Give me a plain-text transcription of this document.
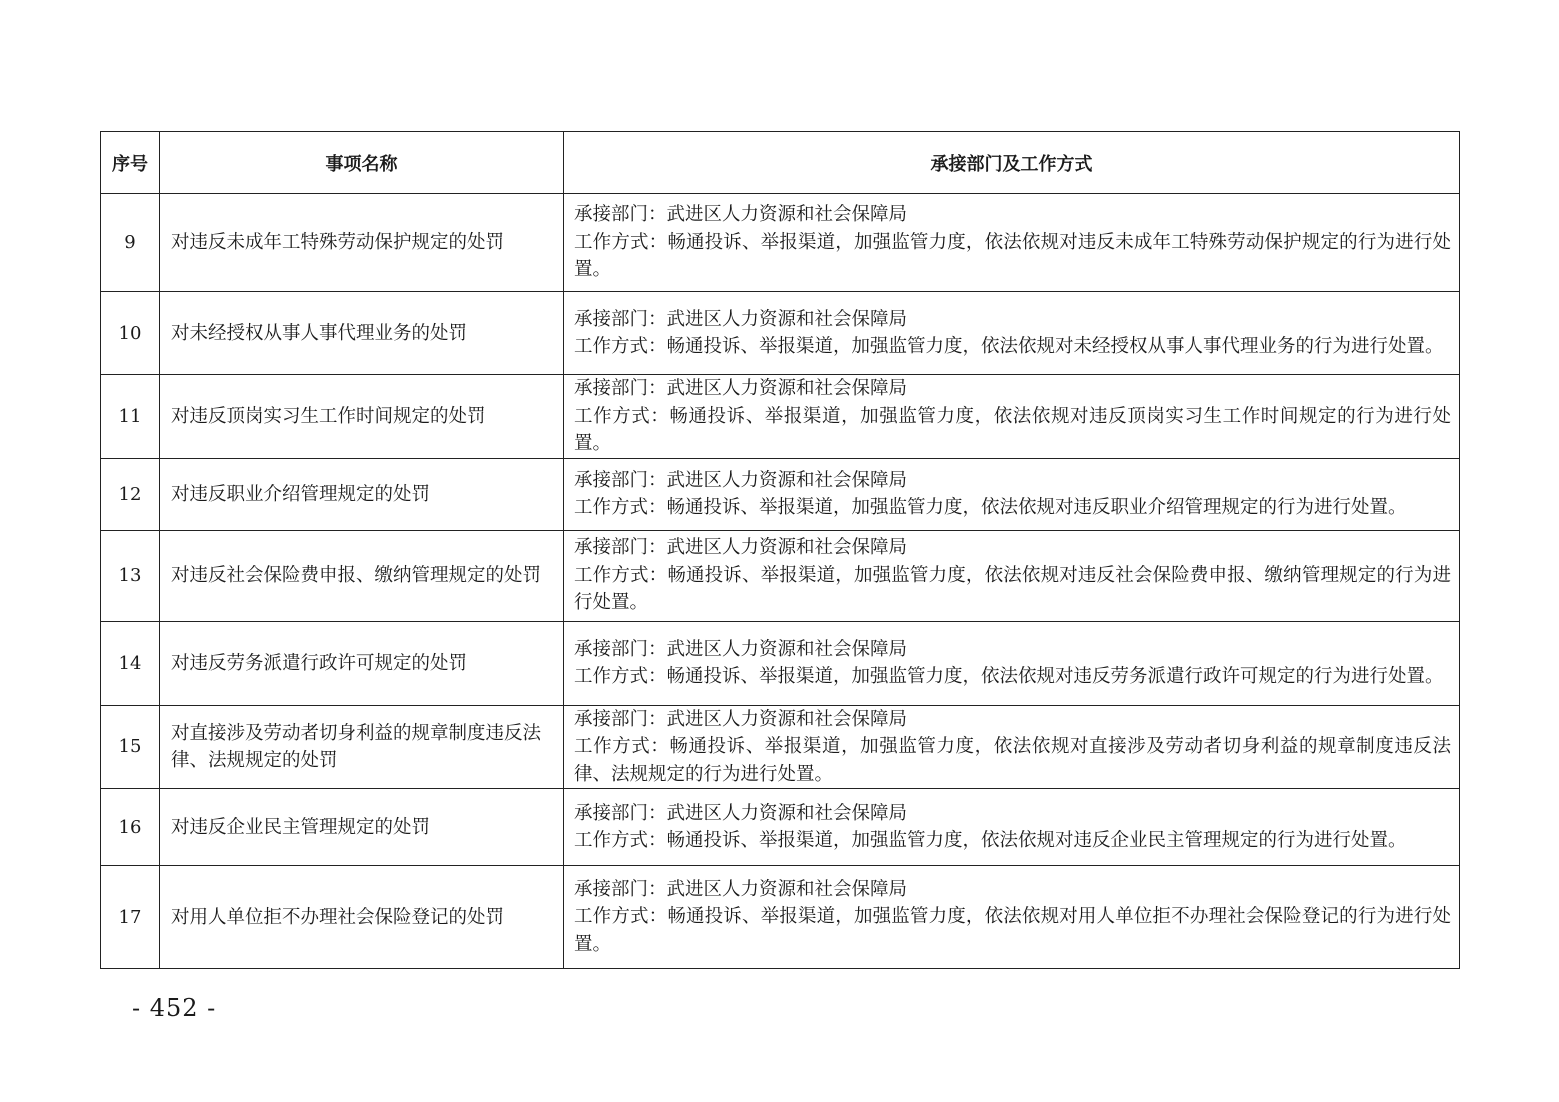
序号	事项名称	承接部门及工作方式
9	对违反未成年工特殊劳动保护规定的处罚	承接部门：武进区人力资源和社会保障局
工作方式：畅通投诉、举报渠道，加强监管力度，依法依规对违反未成年工特殊劳动保护规定的行为进行处置。

10	对未经授权从事人事代理业务的处罚	承接部门：武进区人力资源和社会保障局
工作方式：畅通投诉、举报渠道，加强监管力度，依法依规对未经授权从事人事代理业务的行为进行处置。

11	对违反顶岗实习生工作时间规定的处罚	承接部门：武进区人力资源和社会保障局
工作方式：畅通投诉、举报渠道，加强监管力度，依法依规对违反顶岗实习生工作时间规定的行为进行处置。

12	对违反职业介绍管理规定的处罚	承接部门：武进区人力资源和社会保障局
工作方式：畅通投诉、举报渠道，加强监管力度，依法依规对违反职业介绍管理规定的行为进行处置。

13	对违反社会保险费申报、缴纳管理规定的处罚	承接部门：武进区人力资源和社会保障局
工作方式：畅通投诉、举报渠道，加强监管力度，依法依规对违反社会保险费申报、缴纳管理规定的行为进行处置。

14	对违反劳务派遣行政许可规定的处罚	承接部门：武进区人力资源和社会保障局
工作方式：畅通投诉、举报渠道，加强监管力度，依法依规对违反劳务派遣行政许可规定的行为进行处置。

15	对直接涉及劳动者切身利益的规章制度违反法律、法规规定的处罚	承接部门：武进区人力资源和社会保障局
工作方式：畅通投诉、举报渠道，加强监管力度，依法依规对直接涉及劳动者切身利益的规章制度违反法律、法规规定的行为进行处置。

16	对违反企业民主管理规定的处罚	承接部门：武进区人力资源和社会保障局
工作方式：畅通投诉、举报渠道，加强监管力度，依法依规对违反企业民主管理规定的行为进行处置。

17	对用人单位拒不办理社会保险登记的处罚	承接部门：武进区人力资源和社会保障局
工作方式：畅通投诉、举报渠道，加强监管力度，依法依规对用人单位拒不办理社会保险登记的行为进行处置。
- 452 -
